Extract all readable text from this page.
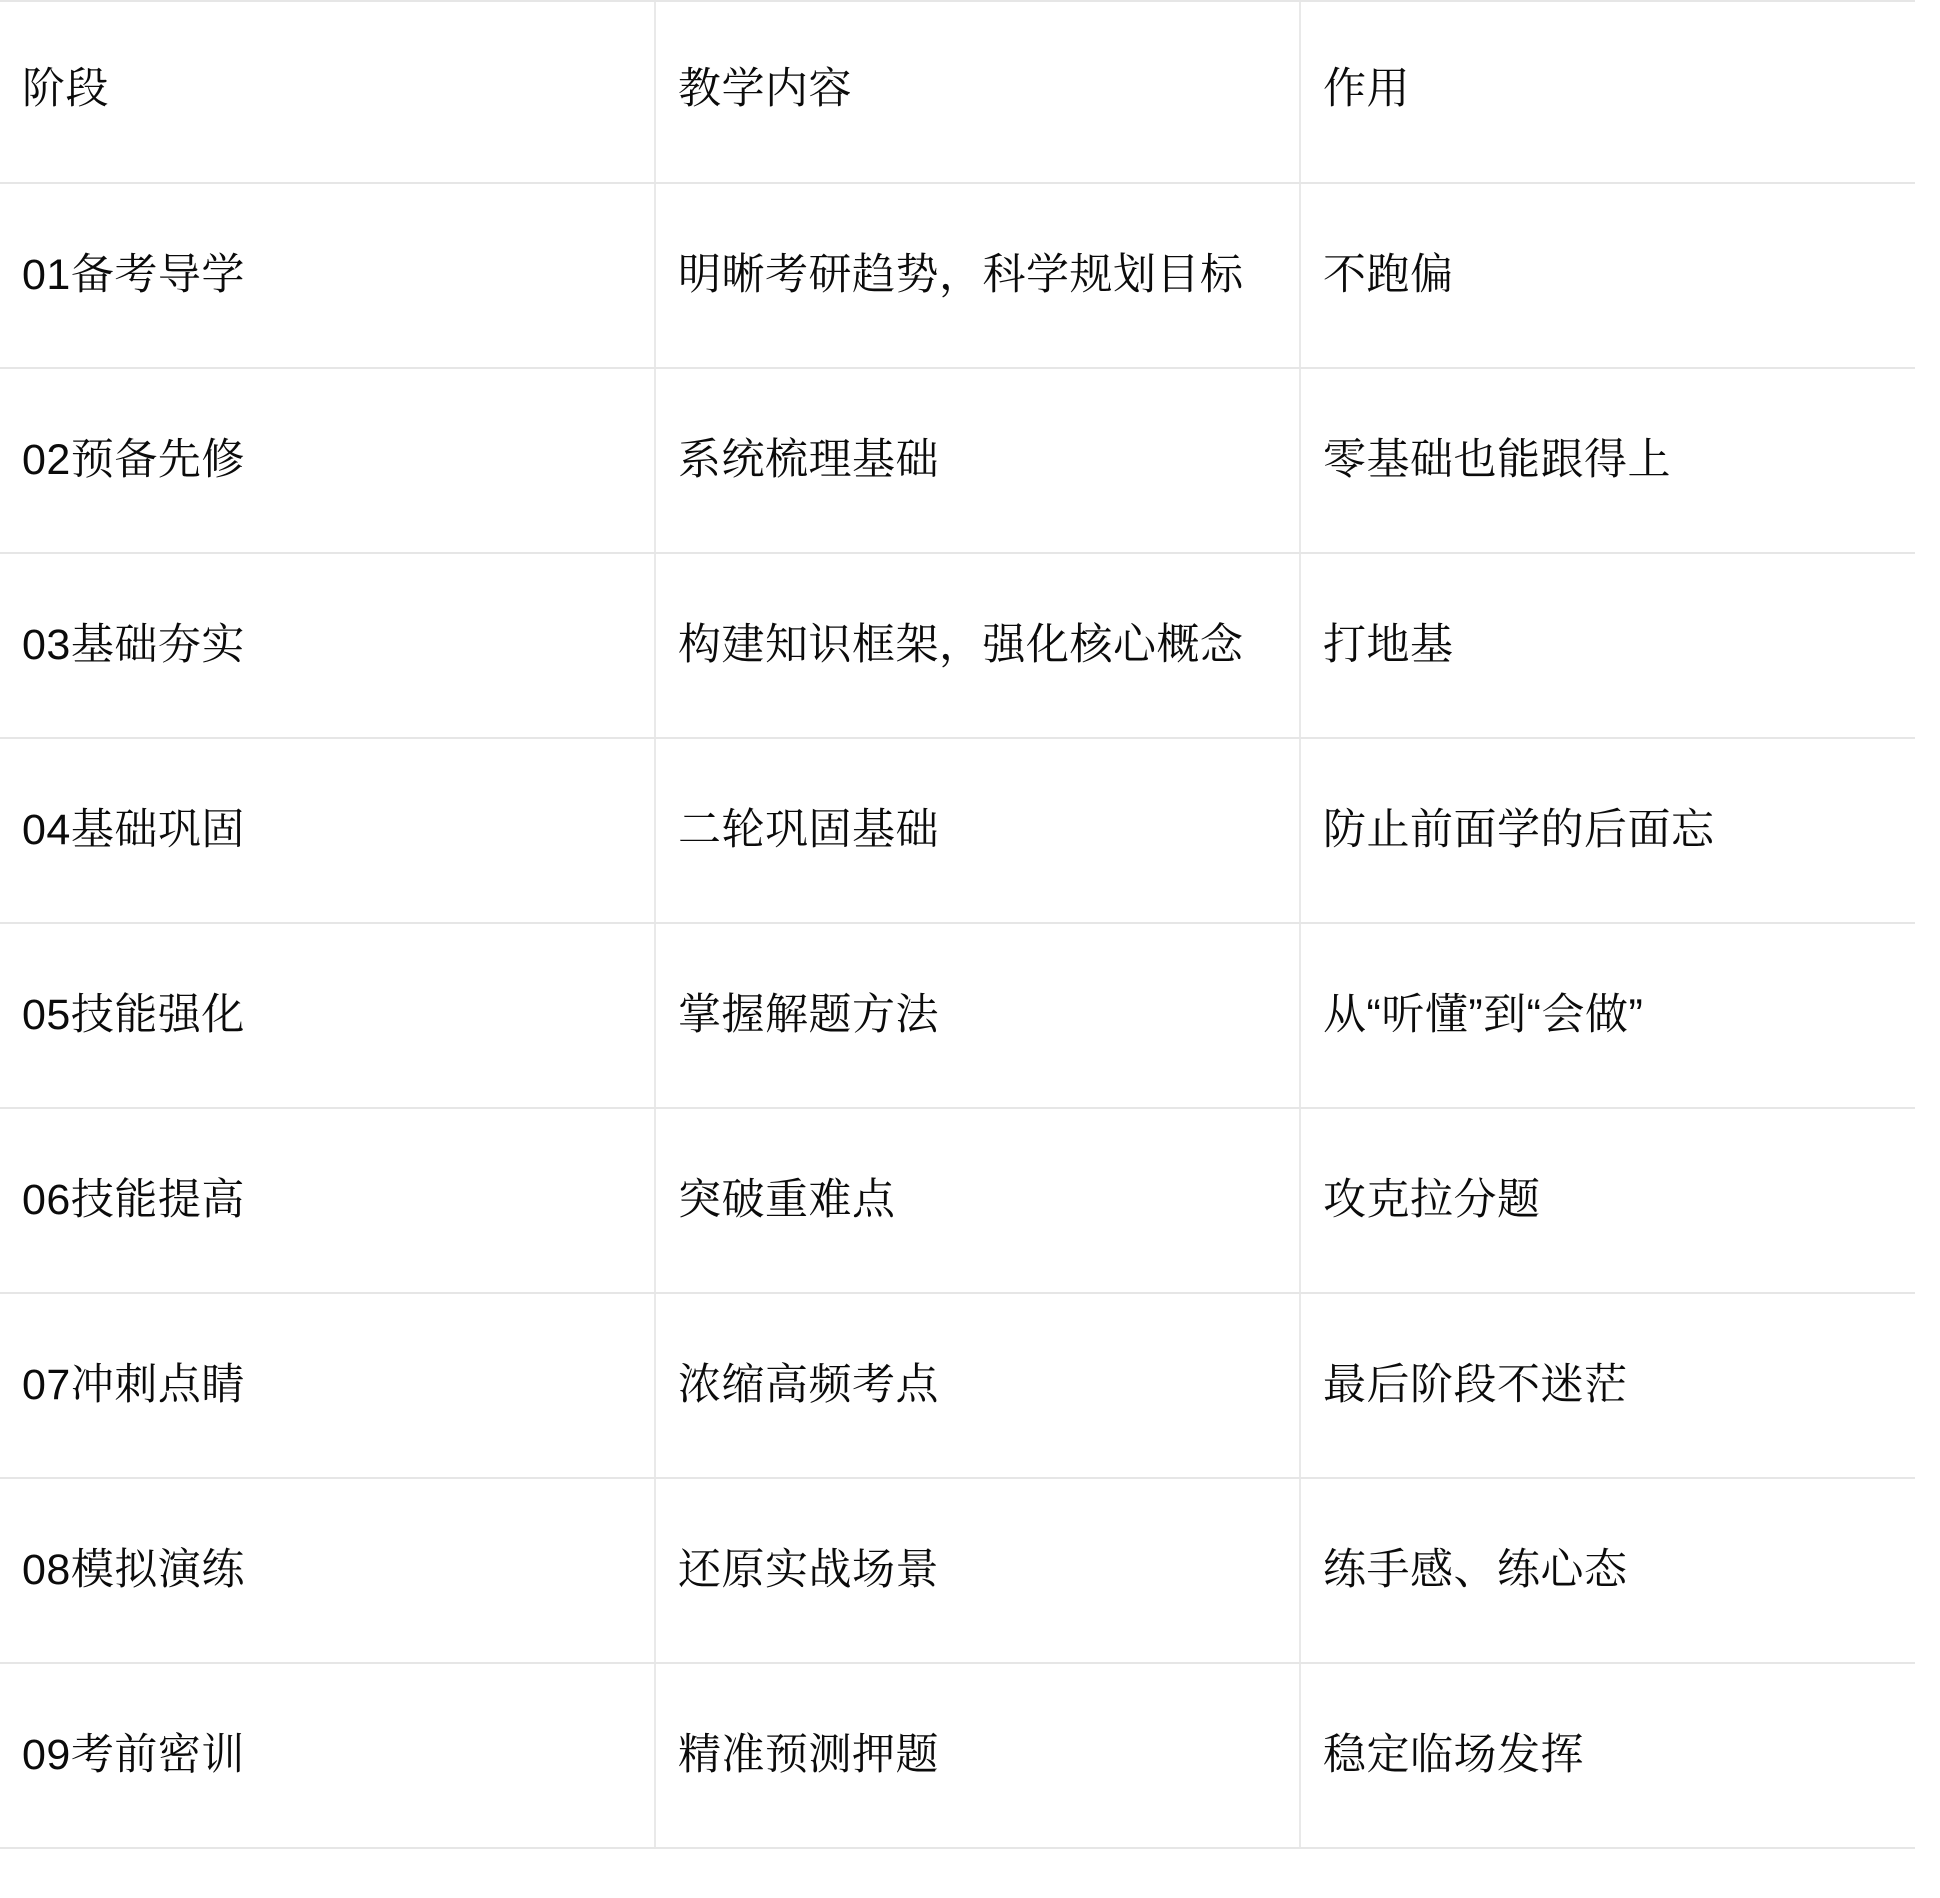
阶段	教学内容	作用
01备考导学	明晰考研趋势，科学规划目标	不跑偏
02预备先修	系统梳理基础	零基础也能跟得上
03基础夯实	构建知识框架，强化核心概念	打地基
04基础巩固	二轮巩固基础	防止前面学的后面忘
05技能强化	掌握解题方法	从“听懂”到“会做”
06技能提高	突破重难点	攻克拉分题
07冲刺点睛	浓缩高频考点	最后阶段不迷茫
08模拟演练	还原实战场景	练手感、练心态
09考前密训	精准预测押题	稳定临场发挥
